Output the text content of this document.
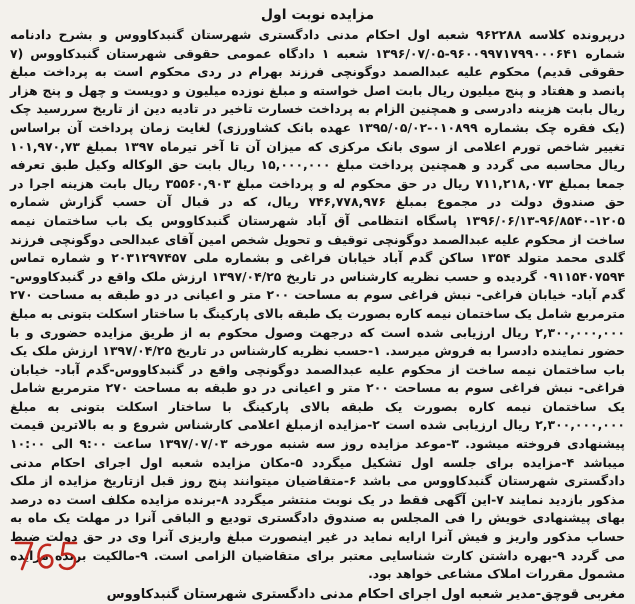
مزایده نوبت اول

درپرونده کلاسه ۹۶۲۲۸۸ شعبه اول احکام مدنی دادگستری شهرستان گنبدکاووس و بشرح دادنامه شماره ۹۶۰۰۹۹۷۱۷۹۹۰۰۰۶۴۱-۱۳۹۶/۰۷/۰۵ شعبه ۱ دادگاه عمومی حقوقی شهرستان گنبدکاووس (۷ حقوقی قدیم) محکوم علیه عبدالصمد دوگونچی فرزند بهرام در ردی محکوم است به پرداخت مبلغ پانصد و هفتاد و پنج میلیون ریال بابت اصل خواسته و مبلغ نوزده میلیون و دویست و چهل و پنج هزار ریال بابت هزینه دادرسی و همچنین الزام به پرداخت خسارت تاخیر در تادیه دین از تاریخ سررسید چک (یک فقره چک بشماره ۰۱۰۸۹۹-۱۳۹۵/۰۵/۰۲ عهده بانک کشاورزی) لغایت زمان پرداخت آن براساس تغییر شاخص تورم اعلامی از سوی بانک مرکزی که میزان آن تا آخر تیرماه ۱۳۹۷ بمبلغ ۱۰۱,۹۷۰,۷۳ ریال محاسبه می گردد و همچنین پرداخت مبلغ ۱۵,۰۰۰,۰۰۰ ریال بابت حق الوکاله وکیل طبق تعرفه جمعا بمبلغ ۷۱۱,۲۱۸,۰۷۳ ریال در حق محکوم له و پرداخت مبلغ ۳۵۵۶۰,۹۰۳ ریال بابت هزینه اجرا در حق صندوق دولت در مجموع بمبلغ ۷۴۶,۷۷۸,۹۷۶ ریال، که در قبال آن حسب گزارش شماره ۱۲۰۵-۹۶/۸۵۴۰-۱۳۹۶/۰۶/۱۳ پاسگاه انتظامی آق آباد شهرستان گنبدکاووس یک باب ساختمان نیمه ساخت از محکوم علیه عبدالصمد دوگونچی توقیف و تحویل شخص امین آقای عبدالحی دوگونچی فرزند گلدی محمد متولد ۱۳۵۴ ساکن گدم آباد خیابان فراغی و بشماره ملی ۲۰۳۱۲۹۷۴۵۷ و شماره تماس ۰۹۱۱۵۴۰۷۵۹۴ گردیده و حسب نظریه کارشناس در تاریخ ۱۳۹۷/۰۴/۲۵ ارزش ملک واقع در گنبدکاووس-گدم آباد- خیابان فراغی- نبش فراغی سوم به مساحت ۲۰۰ متر و اعیانی در دو طبقه به مساحت ۲۷۰ مترمربع شامل یک ساختمان نیمه کاره بصورت یک طبقه بالای پارکینگ با ساختار اسکلت بتونی به مبلغ ۲,۳۰۰,۰۰۰,۰۰۰ ریال ارزیابی شده است که درجهت وصول محکوم به از طریق مزایده حضوری و با حضور نماینده دادسرا به فروش میرسد. ۱-حسب نظریه کارشناس در تاریخ ۱۳۹۷/۰۴/۲۵ ارزش ملک یک باب ساختمان نیمه ساخت از محکوم علیه عبدالصمد دوگونچی واقع در گنبدکاووس-گدم آباد- خیابان فراغی- نبش فراغی سوم به مساحت ۲۰۰ متر و اعیانی در دو طبقه به مساحت ۲۷۰ مترمربع شامل یک ساختمان نیمه کاره بصورت یک طبقه بالای پارکینگ با ساختار اسکلت بتونی به مبلغ ۲,۳۰۰,۰۰۰,۰۰۰ ریال ارزیابی شده است ۲-مزایده ازمبلغ اعلامی کارشناس شروع و به بالاترین قیمت پیشنهادی فروخته میشود. ۳-موعد مزایده روز سه شنبه مورخه ۱۳۹۷/۰۷/۰۳ ساعت ۹:۰۰ الی ۱۰:۰۰ میباشد ۴-مزایده برای جلسه اول تشکیل میگردد ۵-مکان مزایده شعبه اول اجرای احکام مدنی دادگستری شهرستان گنبدکاووس می باشد ۶-متقاضیان میتوانند پنج روز قبل ازتاریخ مزایده از ملک مذکور بازدید نمایند ۷-این آگهی فقط در یک نوبت منتشر میگردد ۸-برنده مزایده مکلف است ده درصد بهای پیشنهادی خویش را فی المجلس به صندوق دادگستری تودیع و الباقی آنرا در مهلت یک ماه به حساب مذکور واریز و فیش آنرا ارایه نماید در غیر اینصورت مبلغ واریزی آنرا وی در حق دولت ضبط می گردد ۹-بهره داشتن کارت شناسایی معتبر برای متقاضیان الزامی است. ۹-مالکیت برنده مزایده مشمول مقررات املاک مشاعی خواهد بود.

مغربی قوچق-مدیر شعبه اول اجرای احکام مدنی دادگستری شهرستان گنبدکاووس
